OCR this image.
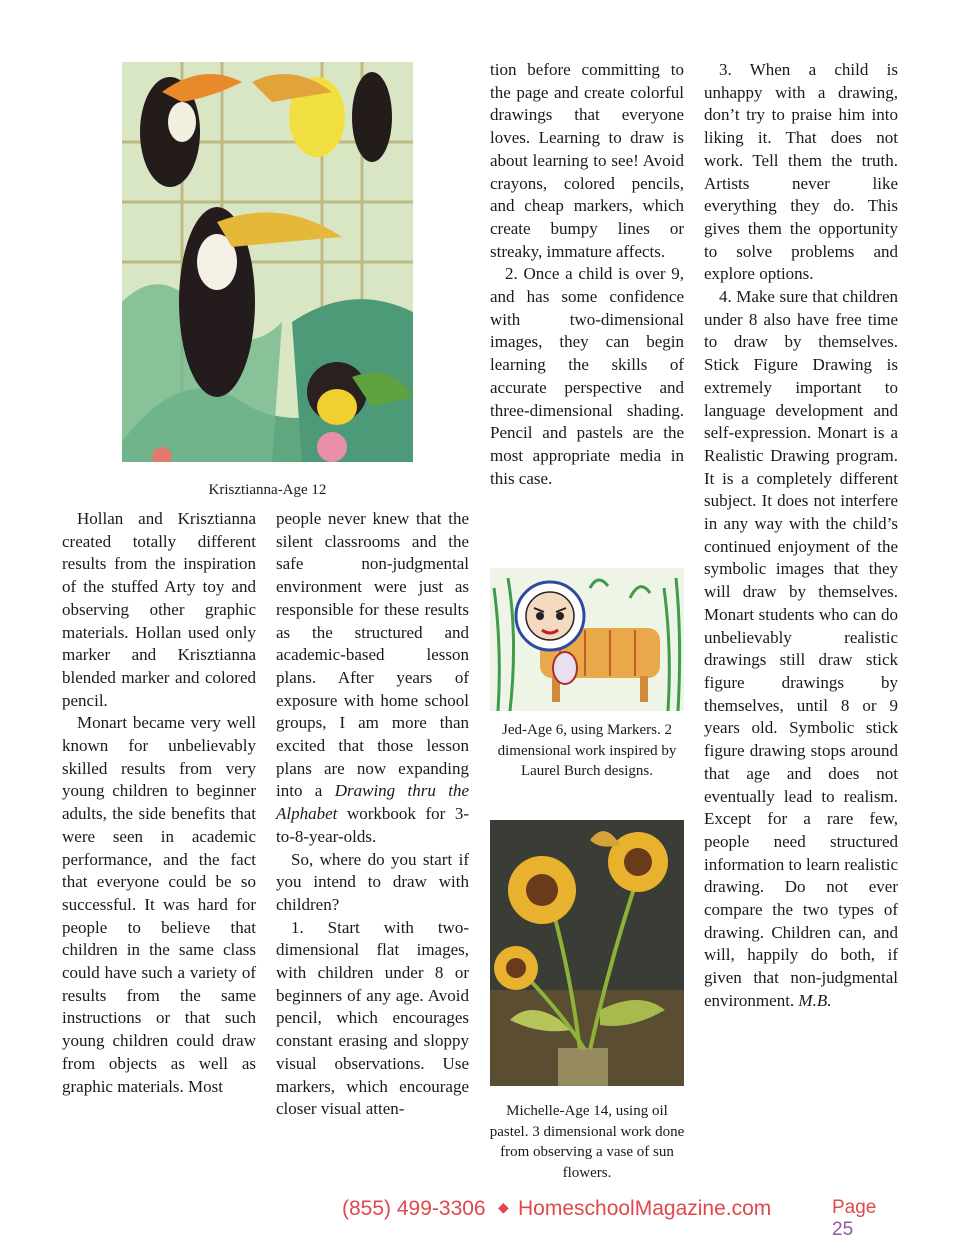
Krisztianna-Age 12

Hollan and Krisztianna created totally different results from the inspiration of the stuffed Arty toy and observing other graphic materials. Hollan used only marker and Krisztianna blended marker and colored pencil.

Monart became very well known for unbelievably skilled results from very young children to beginner adults, the side benefits that were seen in academic performance, and the fact that everyone could be so successful. It was hard for people to believe that children in the same class could have such a variety of results from the same instructions or that such young children could draw from objects as well as graphic materials. Most

people never knew that the silent classrooms and the safe non-judgmental environment were just as responsible for these results as the structured and academic-based lesson plans. After years of exposure with home school groups, I am more than excited that those lesson plans are now expanding into a Drawing thru the Alphabet workbook for 3-to-8-year-olds.

So, where do you start if you intend to draw with children?

1. Start with two-dimensional flat images, with children under 8 or beginners of any age. Avoid pencil, which encourages constant erasing and sloppy visual observations. Use markers, which encourage closer visual atten-

tion before committing to the page and create colorful drawings that everyone loves. Learning to draw is about learning to see! Avoid crayons, colored pencils, and cheap markers, which create bumpy lines or streaky, immature affects.

2. Once a child is over 9, and has some confidence with two-dimensional images, they can begin learning the skills of accurate perspective and three-dimensional shading. Pencil and pastels are the most appropriate media in this case.

Jed-Age 6, using Markers. 2 dimensional work inspired by Laurel Burch designs.
Michelle-Age 14, using oil pastel. 3 dimensional work done from observing a vase of sun flowers.

3. When a child is unhappy with a drawing, don’t try to praise him into liking it. That does not work. Tell them the truth. Artists never like everything they do. This gives them the opportunity to solve problems and explore options.

4. Make sure that children under 8 also have free time to draw by themselves. Stick Figure Drawing is extremely important to language development and self-expression. Monart is a Realistic Drawing program. It is a completely different subject. It does not interfere in any way with the child’s continued enjoyment of the symbolic images that they will draw by themselves. Monart students who can do unbelievably realistic drawings still draw stick figure drawings by themselves, until 8 or 9 years old. Symbolic stick figure drawing stops around that age and does not eventually lead to realism. Except for a rare few, people need structured information to learn realistic drawing. Do not ever compare the two types of drawing. Children can, and will, happily do both, if given that non-judgmental environment. M.B.

(855) 499-3306 ◆ HomeschoolMagazine.com	Page 25
